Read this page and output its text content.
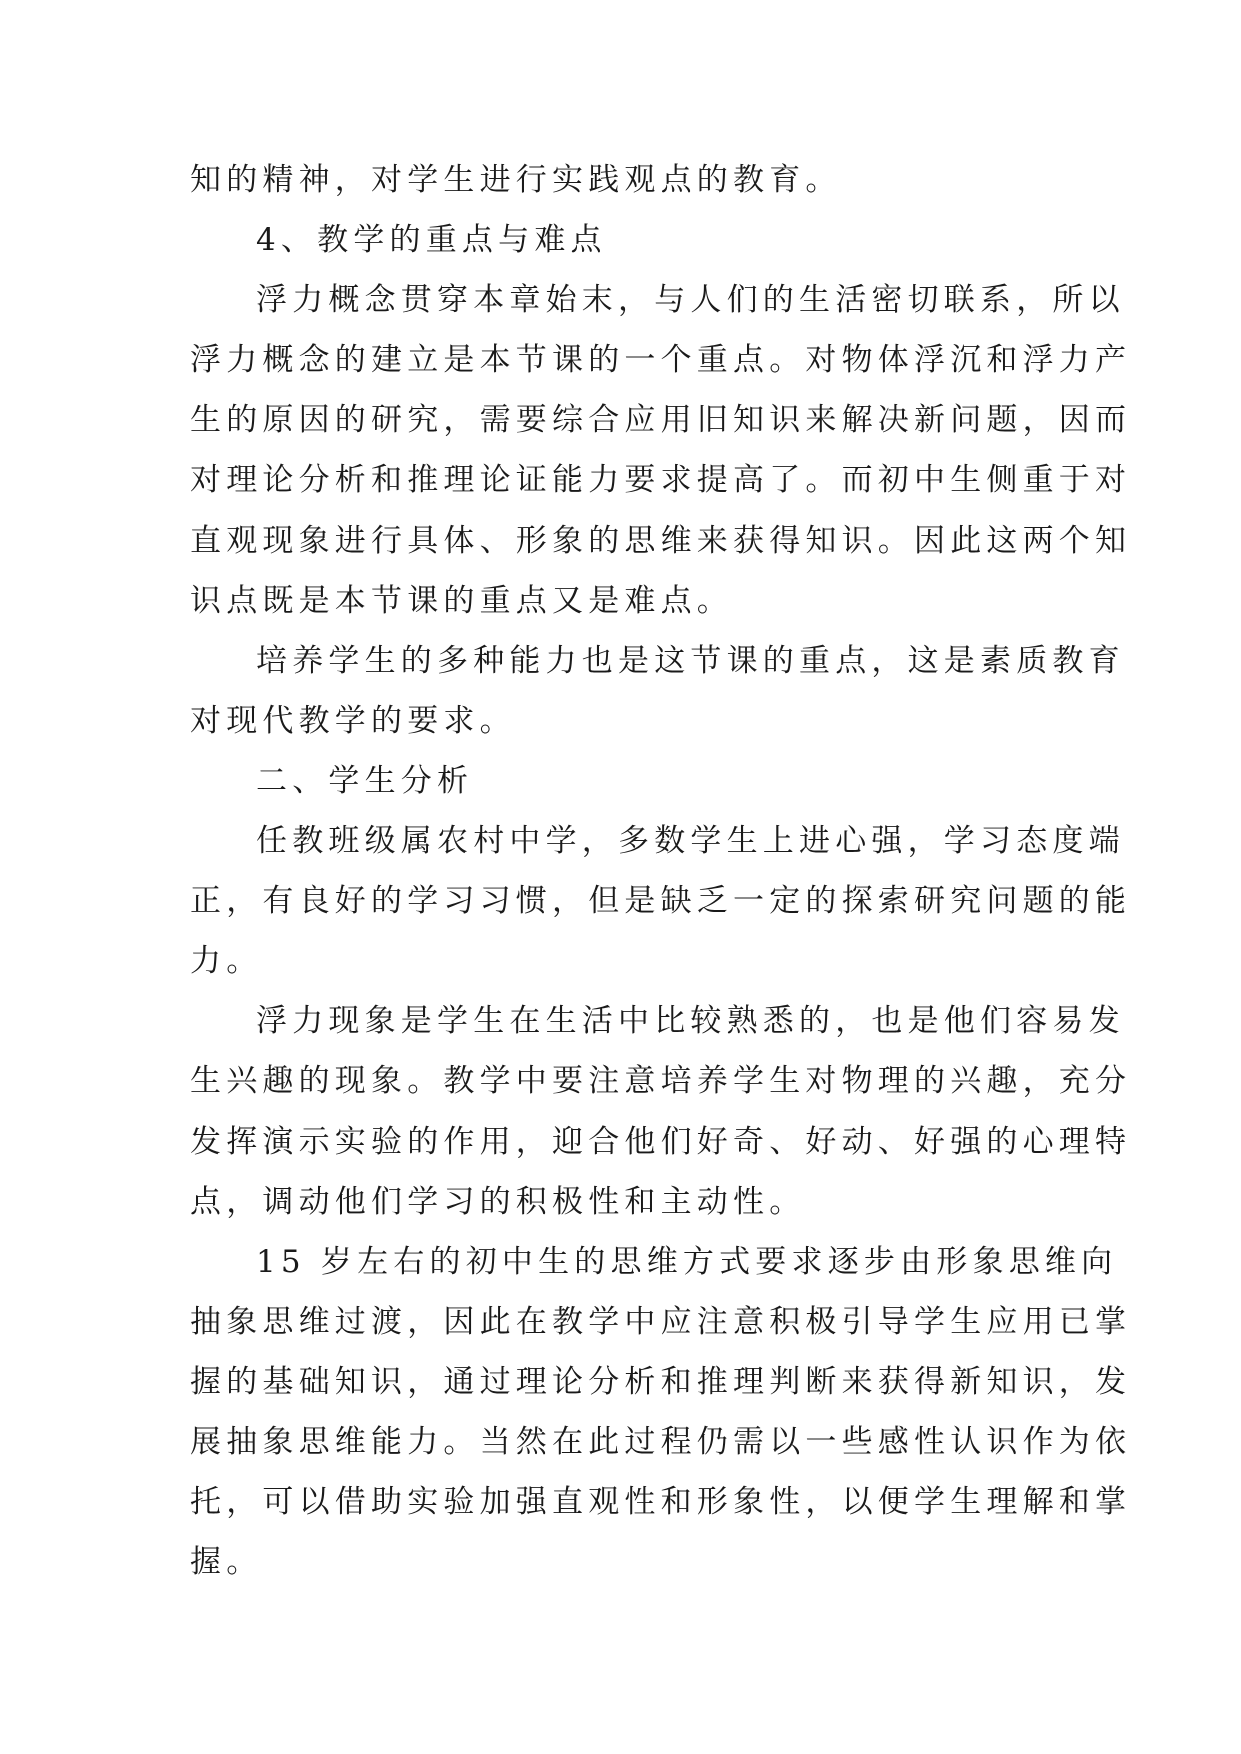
知的精神，对学生进行实践观点的教育。
4、教学的重点与难点
浮力概念贯穿本章始末，与人们的生活密切联系，所以
浮力概念的建立是本节课的一个重点。对物体浮沉和浮力产
生的原因的研究，需要综合应用旧知识来解决新问题，因而
对理论分析和推理论证能力要求提高了。而初中生侧重于对
直观现象进行具体、形象的思维来获得知识。因此这两个知
识点既是本节课的重点又是难点。
培养学生的多种能力也是这节课的重点，这是素质教育
对现代教学的要求。
二、学生分析
任教班级属农村中学，多数学生上进心强，学习态度端
正，有良好的学习习惯，但是缺乏一定的探索研究问题的能
力。
浮力现象是学生在生活中比较熟悉的，也是他们容易发
生兴趣的现象。教学中要注意培养学生对物理的兴趣，充分
发挥演示实验的作用，迎合他们好奇、好动、好强的心理特
点，调动他们学习的积极性和主动性。
15 岁左右的初中生的思维方式要求逐步由形象思维向
抽象思维过渡，因此在教学中应注意积极引导学生应用已掌
握的基础知识，通过理论分析和推理判断来获得新知识，发
展抽象思维能力。当然在此过程仍需以一些感性认识作为依
托，可以借助实验加强直观性和形象性，以便学生理解和掌
握。
